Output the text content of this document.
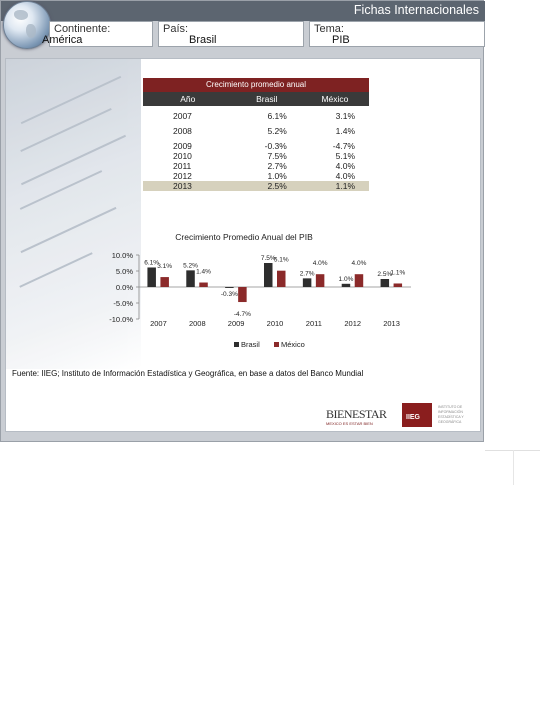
Fichas Internacionales
Continente:
América
País:
Brasil
Tema:
PIB
Crecimiento promedio anual
Año	Brasil	México

2007	6.1%	3.1%

2008	5.2%	1.4%

2009	-0.3%	-4.7%
2010	7.5%	5.1%
2011	2.7%	4.0%
2012	1.0%	4.0%
2013	2.5%	1.1%
Crecimiento Promedio Anual del PIB
10.0%
5.0%
0.0%
-5.0%
-10.0% 2007
6.1%
3.1%
2008
5.2%
1.4%
2009
-0.3%
-4.7%
2010
7.5%
5.1%
2011
2.7%
4.0%
2012
1.0%
4.0%
2013
2.5%
1.1%
Brasil	México
Fuente: IIEG; Instituto de Información Estadística y Geográfica, en base a datos del Banco Mundial
BIENESTAR
MEXICO ES ESTAR BIEN
IIEG
INSTITUTO DE INFORMACIÓN ESTADÍSTICA Y GEOGRÁFICA
